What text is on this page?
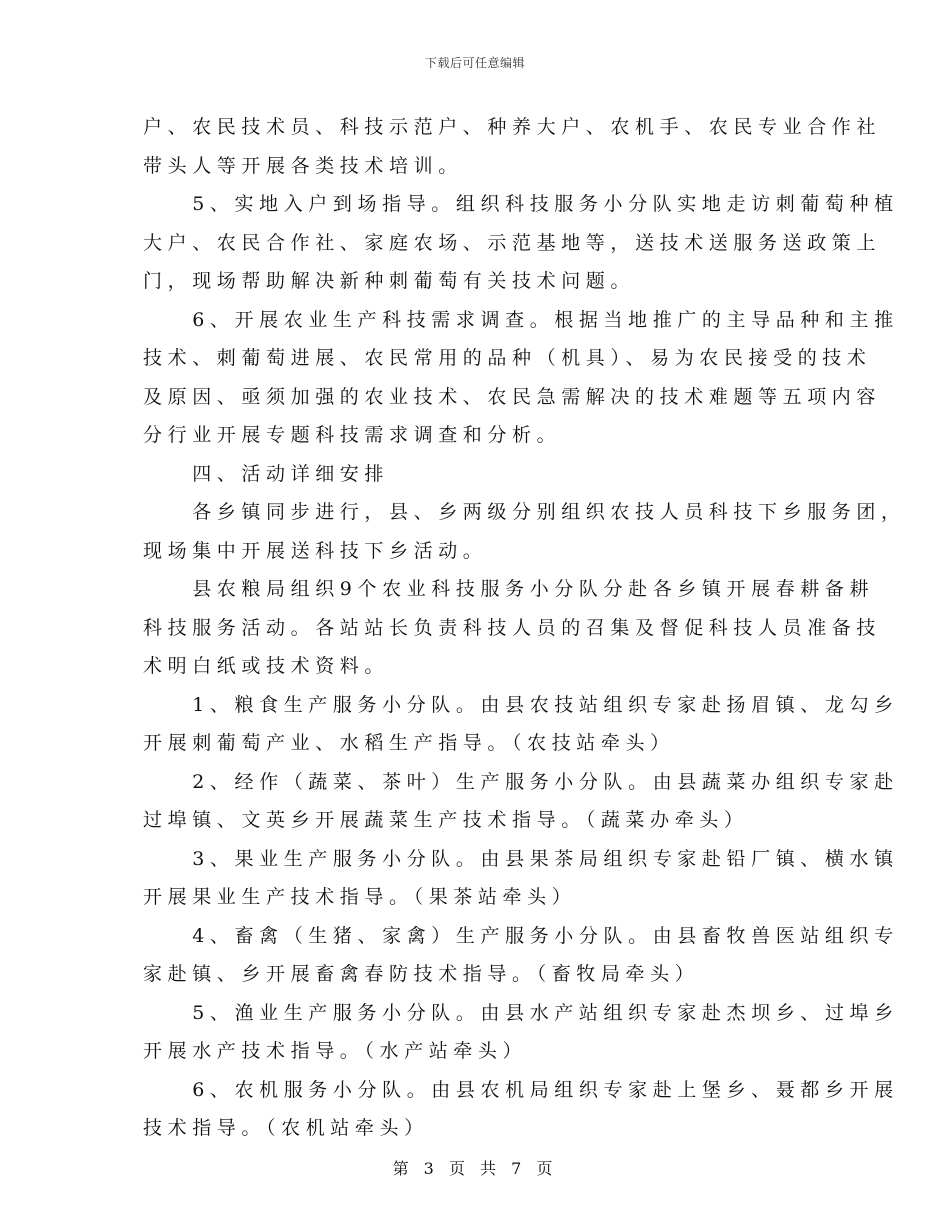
下载后可任意编辑
户、农民技术员、科技示范户、种养大户、农机手、农民专业合作社
带头人等开展各类技术培训。
　　5、实地入户到场指导。组织科技服务小分队实地走访刺葡萄种植
大户、农民合作社、家庭农场、示范基地等，送技术送服务送政策上
门，现场帮助解决新种刺葡萄有关技术问题。
　　6、开展农业生产科技需求调查。根据当地推广的主导品种和主推
技术、刺葡萄进展、农民常用的品种（机具）、易为农民接受的技术
及原因、亟须加强的农业技术、农民急需解决的技术难题等五项内容
分行业开展专题科技需求调查和分析。
　　四、活动详细安排
　　各乡镇同步进行，县、乡两级分别组织农技人员科技下乡服务团，
现场集中开展送科技下乡活动。
　　县农粮局组织9个农业科技服务小分队分赴各乡镇开展春耕备耕
科技服务活动。各站站长负责科技人员的召集及督促科技人员准备技
术明白纸或技术资料。
　　1、粮食生产服务小分队。由县农技站组织专家赴扬眉镇、龙勾乡
开展刺葡萄产业、水稻生产指导。（农技站牵头）
　　2、经作（蔬菜、茶叶）生产服务小分队。由县蔬菜办组织专家赴
过埠镇、文英乡开展蔬菜生产技术指导。（蔬菜办牵头）
　　3、果业生产服务小分队。由县果茶局组织专家赴铅厂镇、横水镇
开展果业生产技术指导。（果茶站牵头）
　　4、畜禽（生猪、家禽）生产服务小分队。由县畜牧兽医站组织专
家赴镇、乡开展畜禽春防技术指导。（畜牧局牵头）
　　5、渔业生产服务小分队。由县水产站组织专家赴杰坝乡、过埠乡
开展水产技术指导。（水产站牵头）
　　6、农机服务小分队。由县农机局组织专家赴上堡乡、聂都乡开展
技术指导。（农机站牵头）
第 3 页 共 7 页
